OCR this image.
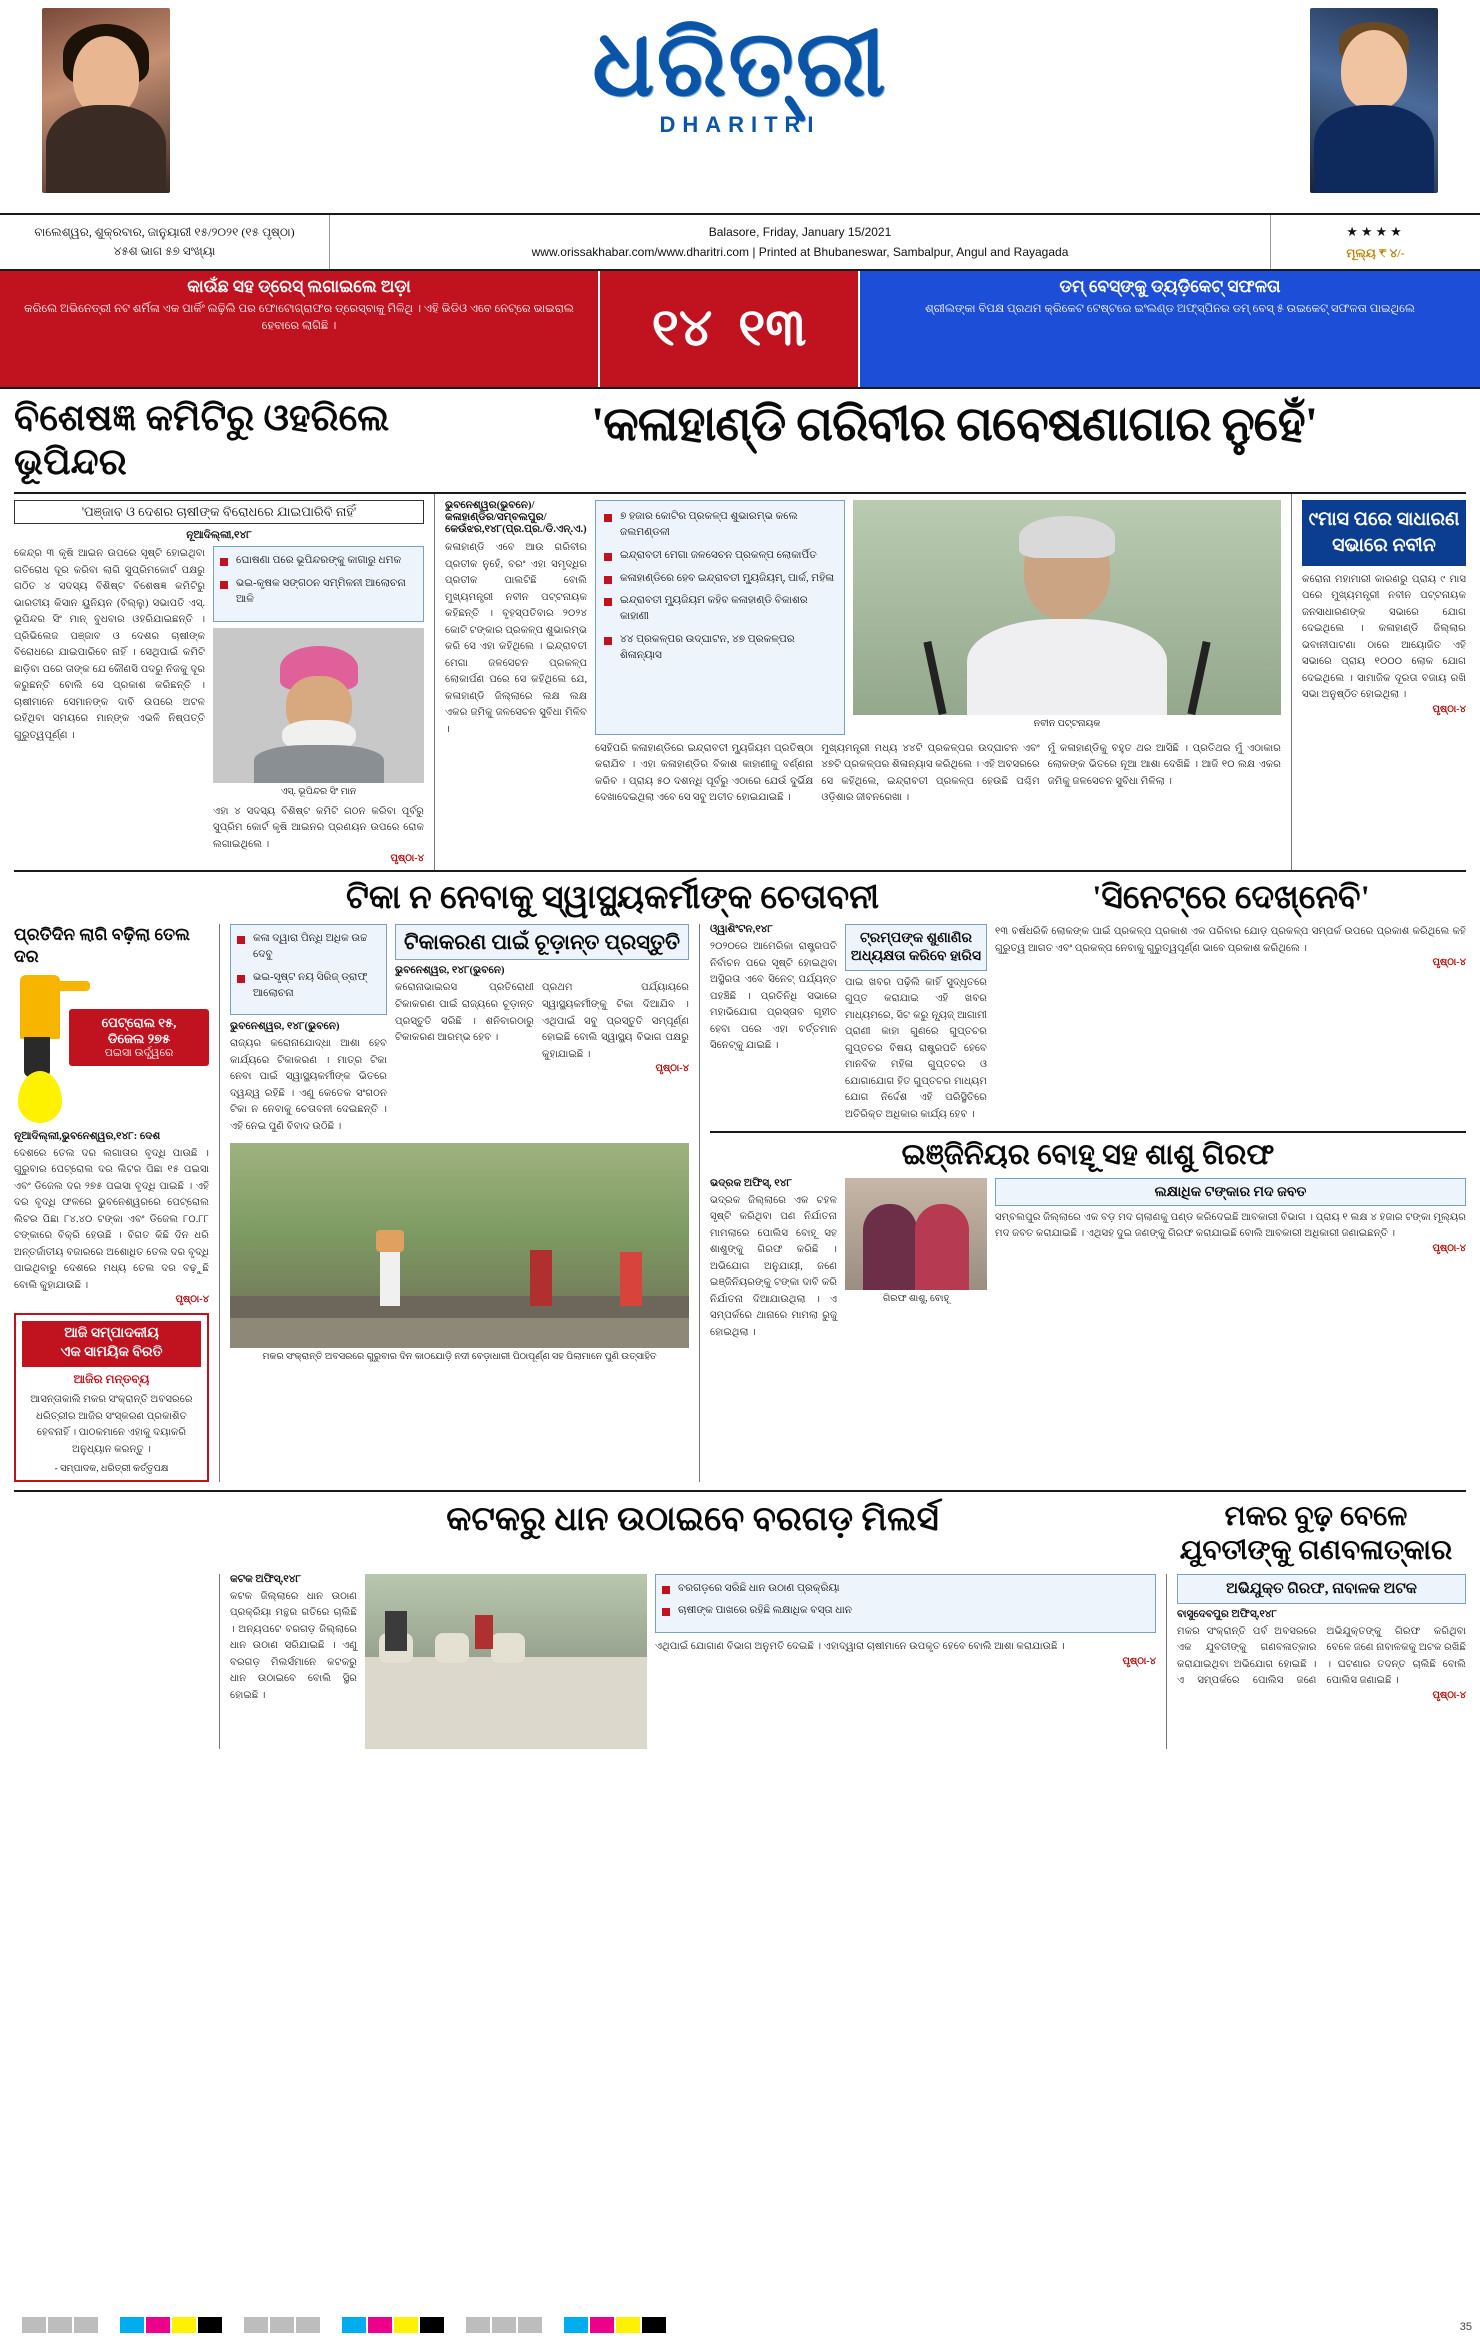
ଧରିତ୍ରୀ
DHARITRI
ବାଲେଶ୍ୱର, ଶୁକ୍ରବାର, ଜାନୁୟାରୀ ୧୫/୨୦୨୧ (୧୫ ପୃଷ୍ଠା)
୪୫ଶ ଭାଗ ୫୭ ସଂଖ୍ୟା
Balasore, Friday, January 15/2021
www.orissakhabar.com/www.dharitri.com | Printed at Bhubaneswar, Sambalpur, Angul and Rayagada
★★★★
ମୂଲ୍ୟ ₹ ୪/-
କାଉଁଛ ସହ ଡ୍ରେସ୍ ଲଗାଇଲେ ଅଡ଼ା
କରିଲେ ଅଭିନେତ୍ରୀ ନଟ ଶର୍ମିଳା ଏକ ପାର୍କିଂ ଲଢ଼ିଲି ପର ଫୋଟୋଗ୍ରାଫର ଡ୍ରେସ୍‌ବାକୁ ମିଳିଥି । ଏହି ଭିଡିଓ ଏବେ ନେଟ୍‌ରେ ଭାଇରାଲ ହେବାରେ ଲାଗିଛି ।	୧୪ ୧୩
ଡମ୍ ବେସ୍‌ଙ୍କୁ ଡ୍ୟଡ଼ିକେଟ୍ ସଫଳତା
ଶ୍ରୀଲଙ୍କା ବିପକ୍ଷ ପ୍ରଥମ କ୍ରିକେଟ ଟେଷ୍ଟରେ ଇଂଲଣ୍ଡ ଅଫ୍‌ସ୍ପିନର ଡମ୍ ବେସ୍ ୫ ଉଇକେଟ୍ ସଫଳତା ପାଇଥିଲେ
ବିଶେଷଜ୍ଞ କମିଟିରୁ ଓହରିଲେ ଭୂପିନ୍ଦର
'କଳାହାଣ୍ଡି ଗରିବୀର ଗବେଷଣାଗାର ନୁହେଁ'
'ପଞ୍ଜାବ ଓ ଦେଶର ଚାଷୀଙ୍କ ବିରୋଧରେ ଯାଇପାରିବି ନାହିଁ'
ନୂଆଦିଲ୍ଲୀ,୧୪୮
କେନ୍ଦ୍ର ୩ କୃଷି ଆଇନ ଉପରେ ସୃଷ୍ଟି ହୋଇଥିବା ଗତିରୋଧ ଦୂର କରିବା ଲାଗି ସୁପ୍ରିମକୋର୍ଟ ପକ୍ଷରୁ ଗଠିତ ୪ ସଦସ୍ୟ ବିଶିଷ୍ଟ ବିଶେଷଜ୍ଞ କମିଟିରୁ ଭାରତୀୟ କିସାନ ୟୁନିୟନ (ବିଲ୍ଲୁ) ସଭାପତି ଏସ୍. ଭୂପିନ୍ଦର ସିଂ ମାନ୍ ବୁଧବାର ଓହରିଯାଇଛନ୍ତି । ପ୍ରିଭିଲେଜ ପଞ୍ଜାବ ଓ ଦେଶର ଚାଷୀଙ୍କ ବିରୋଧରେ ଯାଇପାରିବେ ନାହିଁ । ସେଥିପାଇଁ କମିଟି ଛାଡ଼ିବା ପରେ ତାଙ୍କ ଯେ କୌଣସି ପଦରୁ ନିଜକୁ ଦୂର କରୁଛନ୍ତି ବୋଲି ସେ ପ୍ରକାଶ କରିଛନ୍ତି । ଚାଷୀମାନେ ସେମାନଙ୍କ ଦାବି ଉପରେ ଅଟଳ ରହିଥିବା ସମୟରେ ମାନ୍‌ଙ୍କ ଏଭଳି ନିଷ୍ପତ୍ତି ଗୁରୁତ୍ୱପୂର୍ଣ୍ଣ ।
ଘୋଷଣା ପରେ ଭୂପିନ୍ଦରଙ୍କୁ କାଗାରୁ ଧମକ
ଭଇ-କୃଷକ ସଙ୍ଗଠନ ସମ୍ମିଳନୀ ଆଲୋଚନା ଆଳି
ଏସ୍. ଭୂପିନ୍ଦର ସିଂ ମାନ
ଏହା ୪ ସଦସ୍ୟ ବିଶିଷ୍ଟ କମିଟି ଗଠନ କରିବା ପୂର୍ବରୁ ସୁପ୍ରିମ କୋର୍ଟ କୃଷି ଆଇନର ପ୍ରଣୟନ ଉପରେ ରୋକ ଲଗାଇଥିଲେ ।
ପୃଷ୍ଠା-୪
ଭୁବନେଶ୍ୱର(ଭୁବନେ)/ କଳାହାଣ୍ଡିର/ସମ୍ବଲପୁର/ କେଉଁଝର,୧୪୮(ପ୍ର.ପ୍ର./ଡି.ଏନ୍.ଏ.)
କଳାହାଣ୍ଡି ଏବେ ଆଉ ଗରିବୀର ପ୍ରତୀକ ନୁହେଁ, ବରଂ ଏହା ସମୃଦ୍ଧିର ପ୍ରତୀକ ପାଲଟିଛି ବୋଲି ମୁଖ୍ୟମନ୍ତ୍ରୀ ନବୀନ ପଟ୍ଟନାୟକ କହିଛନ୍ତି । ବୃହସ୍ପତିବାର ୨୦୨୪ କୋଟି ଟଙ୍କାର ପ୍ରକଳ୍ପ ଶୁଭାରମ୍ଭ କରି ସେ ଏହା କହିଥିଲେ । ଇନ୍ଦ୍ରାବତୀ ମେଗା ଜଳସେଚନ ପ୍ରକଳ୍ପ ଲୋକାର୍ପଣ ପରେ ସେ କହିଥିଲେ ଯେ, କଳାହାଣ୍ଡି ଜିଲ୍ଲାରେ ଲକ୍ଷ ଲକ୍ଷ ଏକର ଜମିକୁ ଜଳସେଚନ ସୁବିଧା ମିଳିବ ।
୭ ହଜାର କୋଟିର ପ୍ରକଳ୍ପ ଶୁଭାରମ୍ଭ କଲେ ଜଲମଣ୍ଡଳୀ
ଇନ୍ଦ୍ରାବତୀ ମେଗା ଜଳସେଚନ ପ୍ରକଳ୍ପ ଲୋକାର୍ପିତ
କଳାହାଣ୍ଡିରେ ହେବ ଇନ୍ଦ୍ରାବତୀ ମ୍ୟୁଜିୟମ୍, ପାର୍କ, ମହିଳା
ଇନ୍ଦ୍ରାବତୀ ମ୍ୟୁଜିୟମ କହିବ କଳାହାଣ୍ଡି ବିକାଶର କାହାଣୀ
୪୪ ପ୍ରକଳ୍ପର ଉଦ୍‌ଘାଟନ, ୪୭ ପ୍ରକଳ୍ପର ଶିଳାନ୍ୟାସ
ନବୀନ ପଟ୍ଟନାୟକ
ସେହିପରି କଳାହାଣ୍ଡିରେ ଇନ୍ଦ୍ରାବତୀ ମ୍ୟୁଜିୟମ ପ୍ରତିଷ୍ଠା କରାଯିବ । ଏହା କଳାହାଣ୍ଡିର ବିକାଶ କାହାଣୀକୁ ବର୍ଣ୍ଣନା କରିବ । ପ୍ରାୟ ୫୦ ଦଶନ୍ଧି ପୂର୍ବରୁ ଏଠାରେ ଯେଉଁ ଦୁର୍ଭିକ୍ଷ ଦେଖାଦେଇଥିଲା ଏବେ ସେ ସବୁ ଅତୀତ ହୋଇଯାଇଛି ।
ମୁଖ୍ୟମନ୍ତ୍ରୀ ମଧ୍ୟ ୪୪ଟି ପ୍ରକଳ୍ପର ଉଦ୍‌ଘାଟନ ଏବଂ ୪୭ଟି ପ୍ରକଳ୍ପର ଶିଳାନ୍ୟାସ କରିଥିଲେ । ଏହି ଅବସରରେ ସେ କହିଥିଲେ, ଇନ୍ଦ୍ରାବତୀ ପ୍ରକଳ୍ପ ହେଉଛି ପଶ୍ଚିମ ଓଡ଼ିଶାର ଜୀବନରେଖା ।
ମୁଁ କଳାହାଣ୍ଡିକୁ ବହୁତ ଥର ଆସିଛି । ପ୍ରତିଥର ମୁଁ ଏଠାକାର ଲୋକଙ୍କ ଭିତରେ ନୂଆ ଆଶା ଦେଖିଛି । ଆଜି ୧୦ ଲକ୍ଷ ଏକର ଜମିକୁ ଜଳସେଚନ ସୁବିଧା ମିଳିଲା ।
୯ମାସ ପରେ ସାଧାରଣ ସଭାରେ ନବୀନ
କରୋନା ମହାମାରୀ କାରଣରୁ ପ୍ରାୟ ୯ ମାସ ପରେ ମୁଖ୍ୟମନ୍ତ୍ରୀ ନବୀନ ପଟ୍ଟନାୟକ ଜନସାଧାରଣଙ୍କ ସଭାରେ ଯୋଗ ଦେଇଥିଲେ । କଳାହାଣ୍ଡି ଜିଲ୍ଲାର ଭବାନୀପାଟଣା ଠାରେ ଆୟୋଜିତ ଏହି ସଭାରେ ପ୍ରାୟ ୧୦୦୦ ଲୋକ ଯୋଗ ଦେଇଥିଲେ । ସାମାଜିକ ଦୂରତା ବଜାୟ ରଖି ସଭା ଅନୁଷ୍ଠିତ ହୋଇଥିଲା ।
ପୃଷ୍ଠା-୪
ଟିକା ନ ନେବାକୁ ସ୍ୱାସ୍ଥ୍ୟକର୍ମୀଙ୍କ ଚେତାବନୀ	'ସିନେଟ୍‌ରେ ଦେଖ୍‌ନେବି'
ପ୍ରତିଦିନ ଲାଗି ବଢ଼ିଲା ତେଲ ଦର
ପେଟ୍ରୋଲ ୧୫,
ଡିଜେଲ ୨୭୫
ପଇସା ଉର୍ଦ୍ଧ୍ୱରେ
ନୂଆଦିଲ୍ଲୀ,ଭୁବନେଶ୍ୱର,୧୪୮: ଦେଶ
ଦେଶରେ ତେଲ ଦର ଲଗାତାର ବୃଦ୍ଧି ପାଉଛି । ଗୁରୁବାର ପେଟ୍ରୋଲ ଦର ଲିଟର ପିଛା ୧୫ ପଇସା ଏବଂ ଡିଜେଲ ଦର ୨୭୫ ପଇସା ବୃଦ୍ଧି ପାଇଛି । ଏହି ଦର ବୃଦ୍ଧି ଫଳରେ ଭୁବନେଶ୍ୱରରେ ପେଟ୍ରୋଲ ଲିଟର ପିଛା ୮୪.୪୦ ଟଙ୍କା ଏବଂ ଡିଜେଲ ୮୦.୮୮ ଟଙ୍କାରେ ବିକ୍ରି ହେଉଛି । ବିଗତ କିଛି ଦିନ ଧରି ଅନ୍ତର୍ଜାତୀୟ ବଜାରରେ ଅଶୋଧିତ ତେଲ ଦର ବୃଦ୍ଧି ପାଇଥିବାରୁ ଦେଶରେ ମଧ୍ୟ ତେଲ ଦର ବଢ଼ୁଛି ବୋଲି କୁହାଯାଉଛି ।
ପୃଷ୍ଠା-୪
ଆଜି ସମ୍ପାଦକୀୟ
ଏକ ସାମୟିକ ବିରତି
ଆଜିର ମନ୍ତବ୍ୟ
ଆସନ୍ତାକାଲି ମକର ସଂକ୍ରାନ୍ତି ଅବସରରେ ଧରିତ୍ରୀର ଆଜିର ସଂସ୍କରଣ ପ୍ରକାଶିତ ହେବନାହିଁ । ପାଠକମାନେ ଏହାକୁ ଦୟାକରି ଅନୁଧ୍ୟାନ କରନ୍ତୁ ।
- ସମ୍ପାଦକ, ଧରିତ୍ରୀ କର୍ତ୍ତୃପକ୍ଷ
କଳା ଦ୍ୱାରା ପିନ୍ଧି ଅଧିକ ଉଚ୍ଚ ଦେବୁ
ଭଇ-ସୃଷ୍ଟ ନୟ ସିରିଜ୍ ଡ୍ରାଫ୍ ଆଲୋଚନା
ଭୁବନେଶ୍ୱର, ୧୪୮(ଭୁବନେ)
ରାଜ୍ୟର କରୋନାଯୋଦ୍ଧା ଆଶା ହେବ କାର୍ଯ୍ୟରେ ଟିକାକରଣ । ମାତ୍ର ଟିକା ନେବା ପାଇଁ ସ୍ୱାସ୍ଥ୍ୟକର୍ମୀଙ୍କ ଭିତରେ ଦ୍ୱନ୍ଦ୍ୱ ରହିଛି । ଏଣୁ କେତେକ ସଂଗଠନ ଟିକା ନ ନେବାକୁ ଚେତାବନୀ ଦେଇଛନ୍ତି । ଏହି ନେଇ ପୁଣି ବିବାଦ ଉଠିଛି ।
ଟିକାକରଣ ପାଇଁ ଚୂଡ଼ାନ୍ତ ପ୍ରସ୍ତୁତି
ଭୁବନେଶ୍ୱର, ୧୪୮(ଭୁବନେ)
କରୋନାଭାଇରସ ପ୍ରତିରୋଧୀ ଟିକାକରଣ ପାଇଁ ରାଜ୍ୟରେ ଚୂଡ଼ାନ୍ତ ପ୍ରସ୍ତୁତି ସରିଛି । ଶନିବାରଠାରୁ ଟିକାକରଣ ଆରମ୍ଭ ହେବ ।
ପ୍ରଥମ ପର୍ଯ୍ୟାୟରେ ସ୍ୱାସ୍ଥ୍ୟକର୍ମୀଙ୍କୁ ଟିକା ଦିଆଯିବ । ଏଥିପାଇଁ ସବୁ ପ୍ରସ୍ତୁତି ସମ୍ପୂର୍ଣ୍ଣ ହୋଇଛି ବୋଲି ସ୍ୱାସ୍ଥ୍ୟ ବିଭାଗ ପକ୍ଷରୁ କୁହାଯାଇଛି ।
ପୃଷ୍ଠା-୪
ମକର ସଂକ୍ରାନ୍ତି ଅବସରରେ ଗୁରୁବାର ଦିନ କାଠଯୋଡ଼ି ନଦୀ ବେଡ଼ାଧାରୀ ପିଠାପୂର୍ଣ୍ଣ ସହ ପିଲାମାନେ ପୁଣି ଉତ୍ସାହିତ
ଓ୍ୱାଶିଂଟନ,୧୪୮
୨୦୨୦ରେ ଆମେରିକା ରାଷ୍ଟ୍ରପତି ନିର୍ବାଚନ ପରେ ସୃଷ୍ଟି ହୋଇଥିବା ଅସ୍ଥିରତା ଏବେ ସିନେଟ୍ ପର୍ଯ୍ୟନ୍ତ ପହଞ୍ଚିଛି । ପ୍ରତିନିଧି ସଭାରେ ମହାଭିଯୋଗ ପ୍ରସ୍ତାବ ଗୃହୀତ ହେବା ପରେ ଏହା ବର୍ତ୍ତମାନ ସିନେଟ୍‌କୁ ଯାଇଛି ।
ଟ୍ରମ୍ପଙ୍କ ଶୁଣାଣିର ଅଧ୍ୟକ୍ଷତା କରିବେ ହାରିସ
ପାଇ ଖବର ପଢ଼ିଲି କାହିଁ ସୁଦ୍ଧୃତରେ ଗୁପ୍ତ କରାଯାଇ ଏହି ଖବର ମାଧ୍ୟମରେ, ସିଟ କରୁ ନ୍ୟୂଜ୍ ଆଗାମୀ ପ୍ରାଣୀ କାହା ଗୁଣରେ ଗୁପ୍ତଚର ଗୁପ୍ତଚର ବିଷୟ ରାଷ୍ଟ୍ରପତି ହେବେ ମାନବିକ ମହିଳା ଗୁପ୍ତଚର ଓ ଯୋଗାଯୋଗ ହିତ ଗୁପ୍ତଚର ମାଧ୍ୟମ ଯୋଗ ନିର୍ଦ୍ଦେଶ ଏହି ପରିସ୍ଥିତିରେ ଅତିରିକ୍ତ ଅଧିକାର କାର୍ଯ୍ୟ ହେବ ।
୧୩ ବର୍ଷଧରିକି ଲୋକଙ୍କ ପାଇଁ ପ୍ରକଳ୍ପ ପ୍ରକାଶ ଏକ ପରିବାର ଯୋଡ଼ ପ୍ରକଳ୍ପ ସମ୍ପର୍କ ଉପରେ ପ୍ରକାଶ କରିଥିଲେ କହି ଗୁରୁତ୍ୱ ଆଗତ ଏବଂ ପ୍ରକଳ୍ପ ନେବାକୁ ଗୁରୁତ୍ୱପୂର୍ଣ୍ଣ ଭାବେ ପ୍ରକାଶ କରିଥିଲେ ।
ପୃଷ୍ଠା-୪
ଇଞ୍ଜିନିୟର ବୋହୂ ସହ ଶାଶୁ ଗିରଫ
ଭଦ୍ରକ ଅଫିସ୍, ୧୪୮
ଭଦ୍ରକ ଜିଲ୍ଲାରେ ଏକ ଚହଳ ସୃଷ୍ଟି କରିଥିବା ପଣ ନିର୍ଯାତନା ମାମଲାରେ ପୋଲିସ ବୋହୂ ସହ ଶାଶୁଙ୍କୁ ଗିରଫ କରିଛି । ଅଭିଯୋଗ ଅନୁଯାୟୀ, ଜଣେ ଇଞ୍ଜିନିୟରଙ୍କୁ ଟଙ୍କା ଦାବି କରି ନିର୍ଯାତନା ଦିଆଯାଉଥିଲା । ଏ ସମ୍ପର୍କରେ ଥାନାରେ ମାମଲା ରୁଜୁ ହୋଇଥିଲା ।
ଗିରଫ ଶାଶୁ, ବୋହୂ
ଲକ୍ଷାଧିକ ଟଙ୍କାର ମଦ ଜବତ
ସମ୍ବଲପୁର ଜିଲ୍ଲାରେ ଏକ ବଡ଼ ମଦ ଚାଲାଣକୁ ପଣ୍ଡ କରିଦେଇଛି ଆବକାରୀ ବିଭାଗ । ପ୍ରାୟ ୧ ଲକ୍ଷ ୪ ହଜାର ଟଙ୍କା ମୂଲ୍ୟର ମଦ ଜବତ କରାଯାଇଛି । ଏଥିସହ ଦୁଇ ଜଣଙ୍କୁ ଗିରଫ କରାଯାଇଛି ବୋଲି ଆବକାରୀ ଅଧିକାରୀ ଜଣାଇଛନ୍ତି ।
ପୃଷ୍ଠା-୪
କଟକରୁ ଧାନ ଉଠାଇବେ ବରଗଡ଼ ମିଲର୍ସ	ମକର ବୁଢ଼ ବେଳେ ଯୁବତୀଙ୍କୁ ଗଣବଳାତ୍କାର
କଟକ ଅଫିସ୍,୧୪୮
କଟକ ଜିଲ୍ଲାରେ ଧାନ ଉଠାଣ ପ୍ରକ୍ରିୟା ମନ୍ଥର ଗତିରେ ଚାଲିଛି । ଅନ୍ୟପଟେ ବରଗଡ଼ ଜିଲ୍ଲାରେ ଧାନ ଉଠାଣ ସରିଯାଇଛି । ଏଣୁ ବରଗଡ଼ ମିଲର୍ସମାନେ କଟକରୁ ଧାନ ଉଠାଇବେ ବୋଲି ସ୍ଥିର ହୋଇଛି ।
ବରଗଡ଼ରେ ସରିଛି ଧାନ ଉଠାଣ ପ୍ରକ୍ରିୟା
ଚାଷୀଙ୍କ ପାଖରେ ରହିଛି ଲକ୍ଷାଧିକ ବସ୍ତା ଧାନ
ଏଥିପାଇଁ ଯୋଗାଣ ବିଭାଗ ଅନୁମତି ଦେଇଛି । ଏହାଦ୍ୱାରା ଚାଷୀମାନେ ଉପକୃତ ହେବେ ବୋଲି ଆଶା କରାଯାଉଛି ।
ପୃଷ୍ଠା-୪
ଅଭିଯୁକ୍ତ ଗିରଫ, ନାବାଳକ ଅଟକ
ବାସୁଦେବପୁର ଅଫିସ୍,୧୪୮
ମକର ସଂକ୍ରାନ୍ତି ପର୍ବ ଅବସରରେ ଏକ ଯୁବତୀଙ୍କୁ ଗଣବଳାତ୍କାର କରାଯାଇଥିବା ଅଭିଯୋଗ ହୋଇଛି । ଏ ସମ୍ପର୍କରେ ପୋଲିସ ଜଣେ ଅଭିଯୁକ୍ତଙ୍କୁ ଗିରଫ କରିଥିବା ବେଳେ ଜଣେ ନାବାଳକକୁ ଅଟକ ରଖିଛି । ଘଟଣାର ତଦନ୍ତ ଚାଲିଛି ବୋଲି ପୋଲିସ ଜଣାଇଛି ।
ପୃଷ୍ଠା-୪
35
